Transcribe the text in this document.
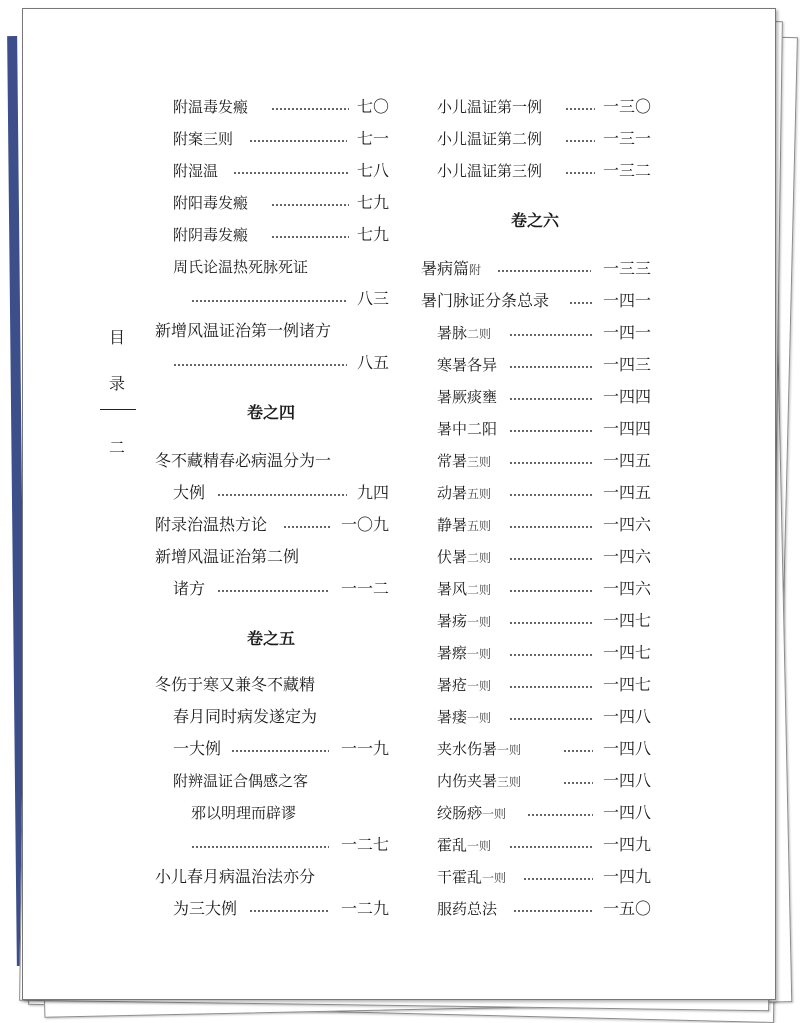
目
录
二
附温毒发瘢	七〇
附案三则	七一
附湿温	七八
附阳毒发瘢	七九
附阴毒发瘢	七九
周氏论温热死脉死证
八三
新增风温证治第一例诸方
八五
卷之四
冬不藏精春必病温分为一
大例	九四
附录治温热方论	一〇九
新增风温证治第二例
诸方	一一二
卷之五
冬伤于寒又兼冬不藏精
春月同时病发遂定为
一大例	一一九
附辨温证合偶感之客
邪以明理而辟谬
一二七
小儿春月病温治法亦分
为三大例	一二九
小儿温证第一例	一三〇
小儿温证第二例	一三一
小儿温证第三例	一三二
卷之六
暑病篇附	一三三
暑门脉证分条总录	一四一
暑脉二则	一四一
寒暑各异	一四三
暑厥痰壅	一四四
暑中二阳	一四四
常暑三则	一四五
动暑五则	一四五
静暑五则	一四六
伏暑二则	一四六
暑风二则	一四六
暑疡一则	一四七
暑瘵一则	一四七
暑疮一则	一四七
暑瘘一则	一四八
夹水伤暑一则	一四八
内伤夹暑三则	一四八
绞肠痧一则	一四八
霍乱一则	一四九
干霍乱一则	一四九
服药总法	一五〇
